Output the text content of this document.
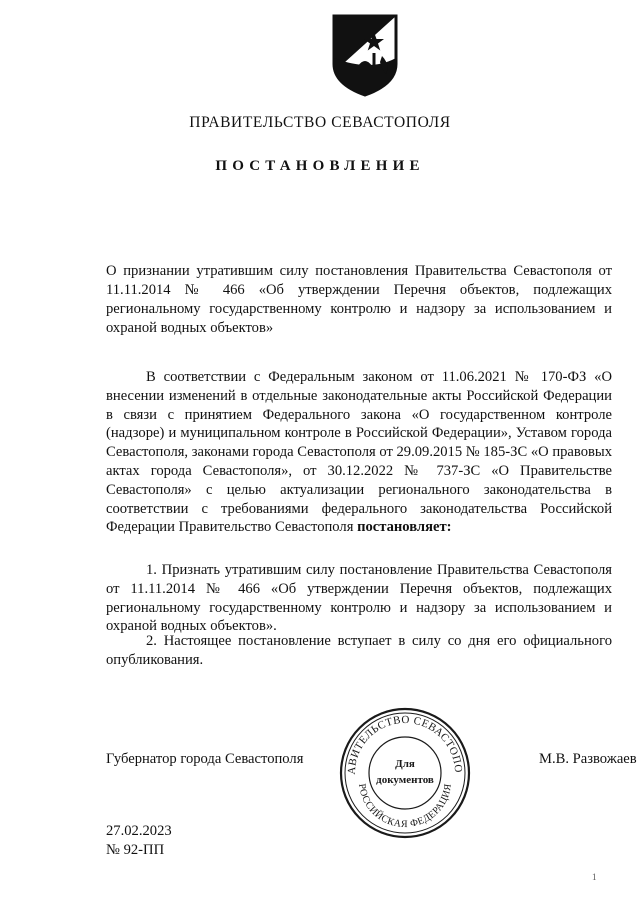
ПРАВИТЕЛЬСТВО СЕВАСТОПОЛЯ
ПОСТАНОВЛЕНИЕ
О признании утратившим силу постановления Правительства Севастополя от 11.11.2014 № 466 «Об утверждении Перечня объектов, подлежащих региональному государственному контролю и надзору за использованием и охраной водных объектов»
В соответствии с Федеральным законом от 11.06.2021 № 170-ФЗ «О внесении изменений в отдельные законодательные акты Российской Федерации в связи с принятием Федерального закона «О государственном контроле (надзоре) и муниципальном контроле в Российской Федерации», Уставом города Севастополя, законами города Севастополя от 29.09.2015 № 185-ЗС «О правовых актах города Севастополя», от 30.12.2022 № 737-ЗС «О Правительстве Севастополя» с целью актуализации регионального законодательства в соответствии с требованиями федерального законодательства Российской Федерации Правительство Севастополя постановляет:
1. Признать утратившим силу постановление Правительства Севастополя от 11.11.2014 № 466 «Об утверждении Перечня объектов, подлежащих региональному государственному контролю и надзору за использованием и охраной водных объектов».
2. Настоящее постановление вступает в силу со дня его официального опубликования.
Губернатор города Севастополя	М.В. Развожаев
АВИТЕЛЬСТВО СЕВАСТОПО
РОССИЙСКАЯ ФЕДЕРАЦИЯ
Для
документов
27.02.2023
№ 92-ПП
1
